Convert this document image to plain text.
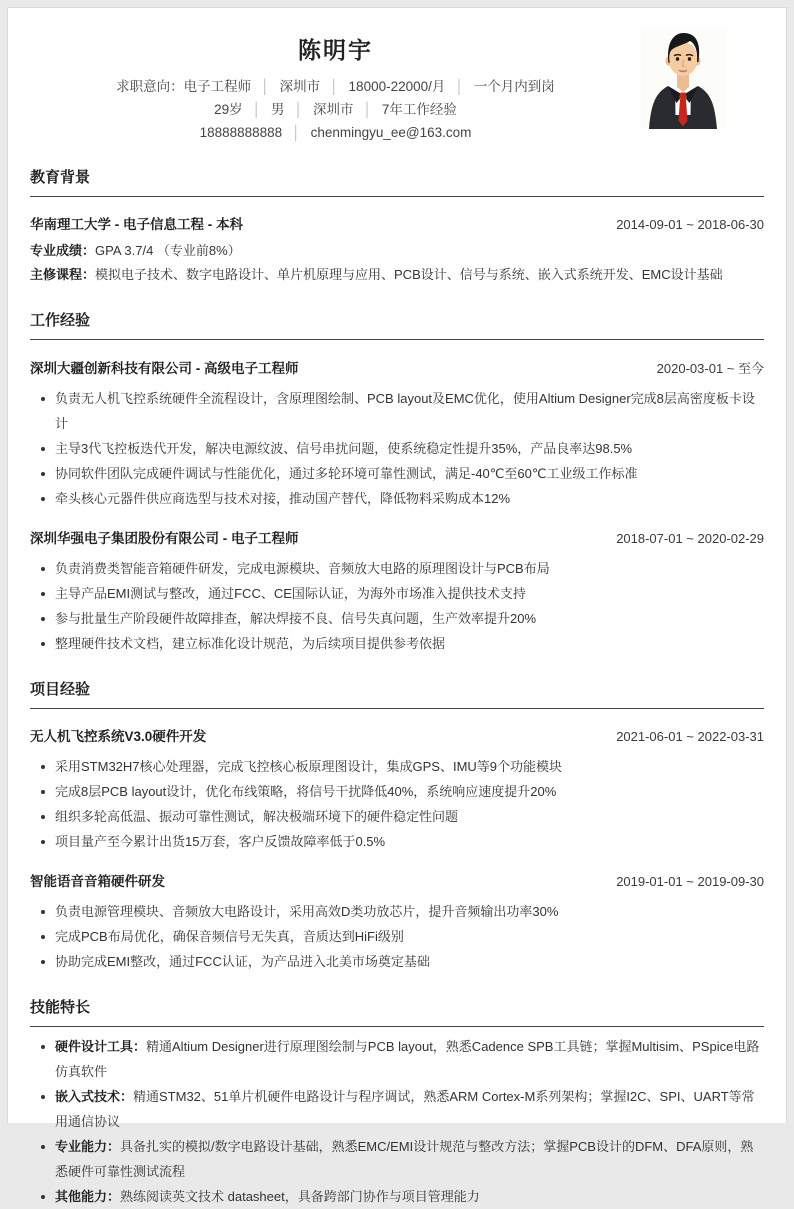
陈明宇
求职意向：电子工程师 │ 深圳市 │ 18000-22000/月 │ 一个月内到岗
29岁 │ 男 │ 深圳市 │ 7年工作经验
18888888888 │ chenmingyu_ee@163.com
教育背景
华南理工大学 - 电子信息工程 - 本科	2014-09-01 ~ 2018-06-30
专业成绩：GPA 3.7/4 （专业前8%）
主修课程：模拟电子技术、数字电路设计、单片机原理与应用、PCB设计、信号与系统、嵌入式系统开发、EMC设计基础
工作经验
深圳大疆创新科技有限公司 - 高级电子工程师	2020-03-01 ~ 至今
负责无人机飞控系统硬件全流程设计，含原理图绘制、PCB layout及EMC优化，使用Altium Designer完成8层高密度板卡设计
主导3代飞控板迭代开发，解决电源纹波、信号串扰问题，使系统稳定性提升35%，产品良率达98.5%
协同软件团队完成硬件调试与性能优化，通过多轮环境可靠性测试，满足-40℃至60℃工业级工作标准
牵头核心元器件供应商选型与技术对接，推动国产替代，降低物料采购成本12%
深圳华强电子集团股份有限公司 - 电子工程师	2018-07-01 ~ 2020-02-29
负责消费类智能音箱硬件研发，完成电源模块、音频放大电路的原理图设计与PCB布局
主导产品EMI测试与整改，通过FCC、CE国际认证，为海外市场准入提供技术支持
参与批量生产阶段硬件故障排查，解决焊接不良、信号失真问题，生产效率提升20%
整理硬件技术文档，建立标准化设计规范，为后续项目提供参考依据
项目经验
无人机飞控系统V3.0硬件开发	2021-06-01 ~ 2022-03-31
采用STM32H7核心处理器，完成飞控核心板原理图设计，集成GPS、IMU等9个功能模块
完成8层PCB layout设计，优化布线策略，将信号干扰降低40%，系统响应速度提升20%
组织多轮高低温、振动可靠性测试，解决极端环境下的硬件稳定性问题
项目量产至今累计出货15万套，客户反馈故障率低于0.5%
智能语音音箱硬件研发	2019-01-01 ~ 2019-09-30
负责电源管理模块、音频放大电路设计，采用高效D类功放芯片，提升音频输出功率30%
完成PCB布局优化，确保音频信号无失真，音质达到HiFi级别
协助完成EMI整改，通过FCC认证，为产品进入北美市场奠定基础
技能特长
硬件设计工具：精通Altium Designer进行原理图绘制与PCB layout，熟悉Cadence SPB工具链；掌握Multisim、PSpice电路仿真软件
嵌入式技术：精通STM32、51单片机硬件电路设计与程序调试，熟悉ARM Cortex-M系列架构；掌握I2C、SPI、UART等常用通信协议
专业能力：具备扎实的模拟/数字电路设计基础，熟悉EMC/EMI设计规范与整改方法；掌握PCB设计的DFM、DFA原则，熟悉硬件可靠性测试流程
其他能力：熟练阅读英文技术 datasheet，具备跨部门协作与项目管理能力
